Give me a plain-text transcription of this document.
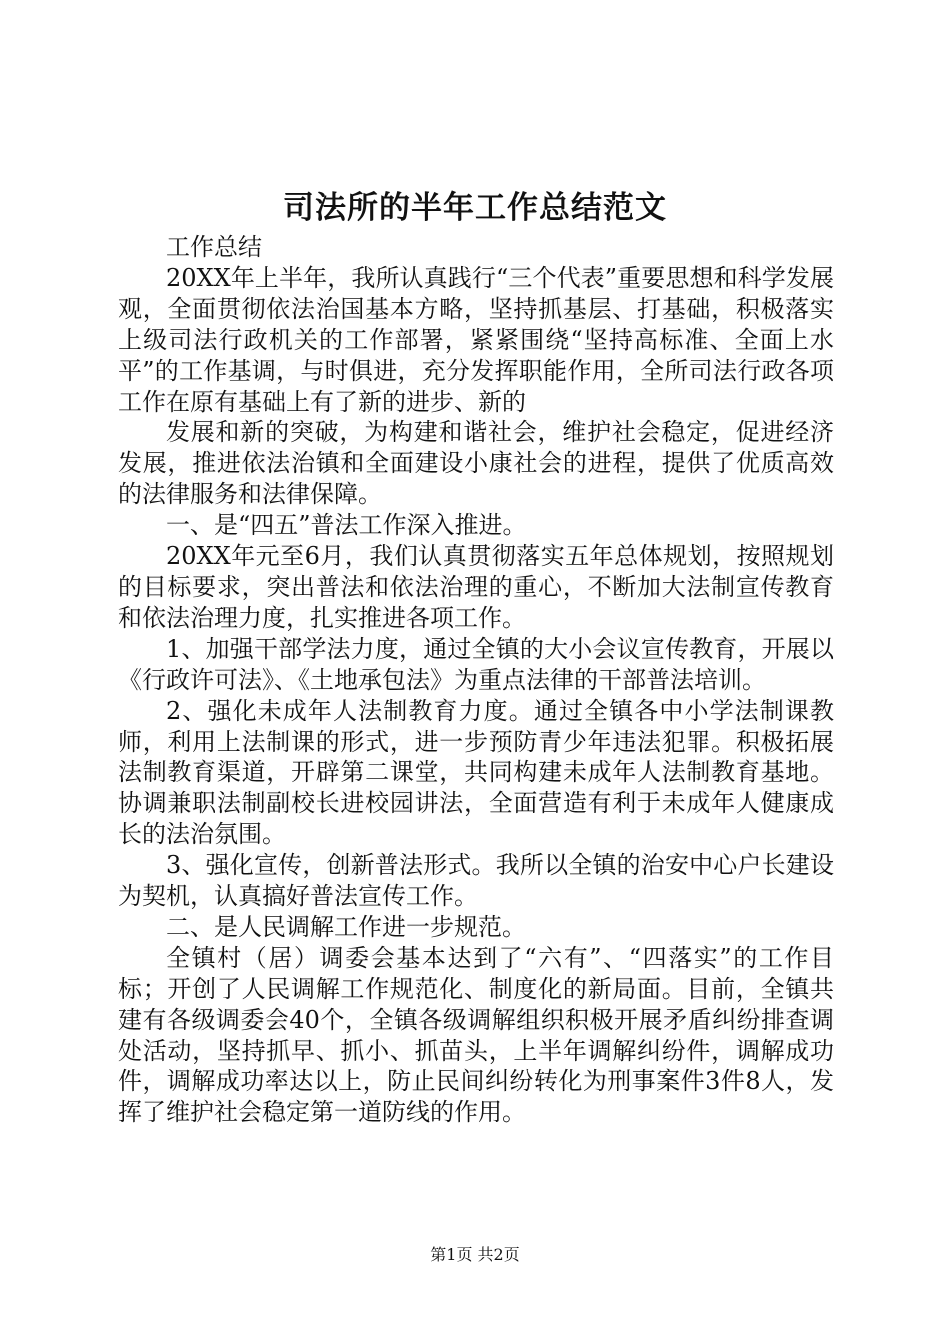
司法所的半年工作总结范文

工作总结

20XX年上半年，我所认真践行“三个代表”重要思想和科学发展观，全面贯彻依法治国基本方略，坚持抓基层、打基础，积极落实上级司法行政机关的工作部署，紧紧围绕“坚持高标准、全面上水平”的工作基调，与时俱进，充分发挥职能作用，全所司法行政各项工作在原有基础上有了新的进步、新的

发展和新的突破，为构建和谐社会，维护社会稳定，促进经济发展，推进依法治镇和全面建设小康社会的进程，提供了优质高效的法律服务和法律保障。

一、是“四五”普法工作深入推进。

20XX年元至6月，我们认真贯彻落实五年总体规划，按照规划的目标要求，突出普法和依法治理的重心，不断加大法制宣传教育和依法治理力度，扎实推进各项工作。

1、加强干部学法力度，通过全镇的大小会议宣传教育，开展以《行政许可法》、《土地承包法》为重点法律的干部普法培训。

2、强化未成年人法制教育力度。通过全镇各中小学法制课教师，利用上法制课的形式，进一步预防青少年违法犯罪。积极拓展法制教育渠道，开辟第二课堂，共同构建未成年人法制教育基地。协调兼职法制副校长进校园讲法，全面营造有利于未成年人健康成长的法治氛围。

3、强化宣传，创新普法形式。我所以全镇的治安中心户长建设为契机，认真搞好普法宣传工作。

二、是人民调解工作进一步规范。

全镇村（居）调委会基本达到了“六有”、“四落实”的工作目标；开创了人民调解工作规范化、制度化的新局面。目前，全镇共建有各级调委会40个，全镇各级调解组织积极开展矛盾纠纷排查调处活动，坚持抓早、抓小、抓苗头，上半年调解纠纷件，调解成功件，调解成功率达以上，防止民间纠纷转化为刑事案件3件8人，发挥了维护社会稳定第一道防线的作用。

第1页 共2页
